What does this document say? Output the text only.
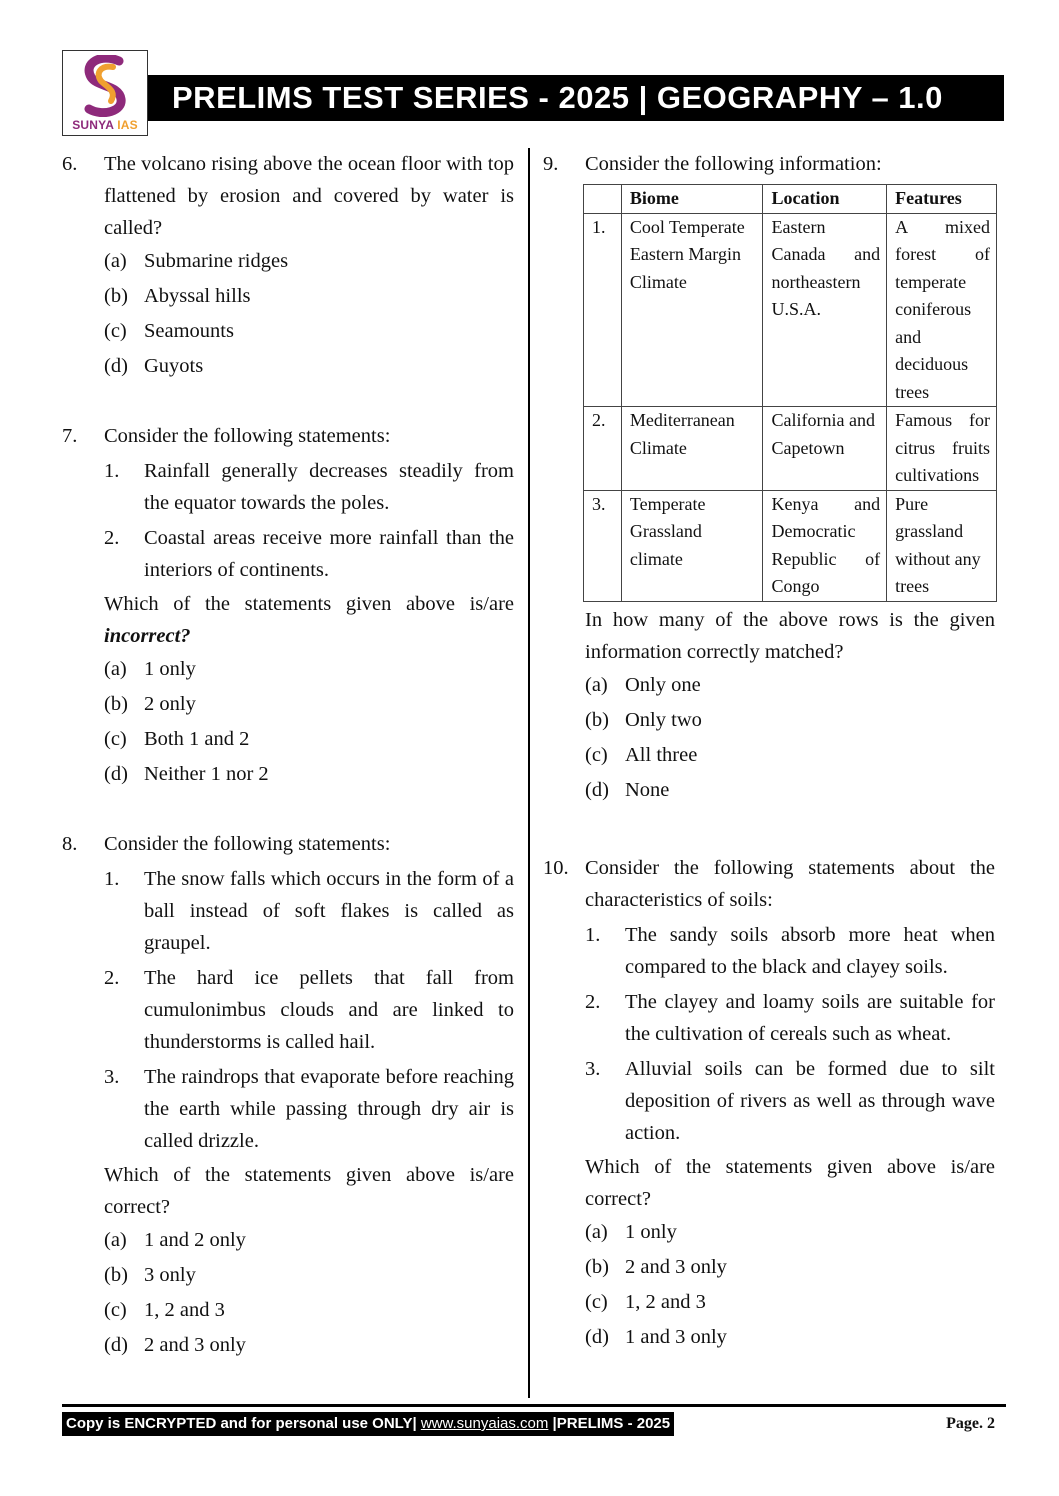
SUNYA IAS
PRELIMS TEST SERIES - 2025 | GEOGRAPHY – 1.0
6. The volcano rising above the ocean floor with top flattened by erosion and covered by water is called?
(a) Submarine ridges
(b) Abyssal hills
(c) Seamounts
(d) Guyots
7. Consider the following statements:
1. Rainfall generally decreases steadily from the equator towards the poles.
2. Coastal areas receive more rainfall than the interiors of continents.
Which of the statements given above is/are incorrect?
(a) 1 only
(b) 2 only
(c) Both 1 and 2
(d) Neither 1 nor 2
8. Consider the following statements:
1. The snow falls which occurs in the form of a ball instead of soft flakes is called as graupel.
2. The hard ice pellets that fall from cumulonimbus clouds and are linked to thunderstorms is called hail.
3. The raindrops that evaporate before reaching the earth while passing through dry air is called drizzle.
Which of the statements given above is/are correct?
(a) 1 and 2 only
(b) 3 only
(c) 1, 2 and 3
(d) 2 and 3 only
9. Consider the following information:
	Biome	Location	Features
1.	Cool Temperate Eastern Margin Climate	Eastern Canada and northeastern U.S.A.	A mixed forest of temperate coniferous and deciduous trees
2.	Mediterranean Climate	California and Capetown	Famous for citrus fruits cultivations
3.	Temperate Grassland climate	Kenya and Democratic Republic of Congo	Pure grassland without any trees
In how many of the above rows is the given information correctly matched?
(a) Only one
(b) Only two
(c) All three
(d) None
10. Consider the following statements about the characteristics of soils:
1. The sandy soils absorb more heat when compared to the black and clayey soils.
2. The clayey and loamy soils are suitable for the cultivation of cereals such as wheat.
3. Alluvial soils can be formed due to silt deposition of rivers as well as through wave action.
Which of the statements given above is/are correct?
(a) 1 only
(b) 2 and 3 only
(c) 1, 2 and 3
(d) 1 and 3 only
Copy is ENCRYPTED and for personal use ONLY| www.sunyaias.com |PRELIMS - 2025	Page. 2
